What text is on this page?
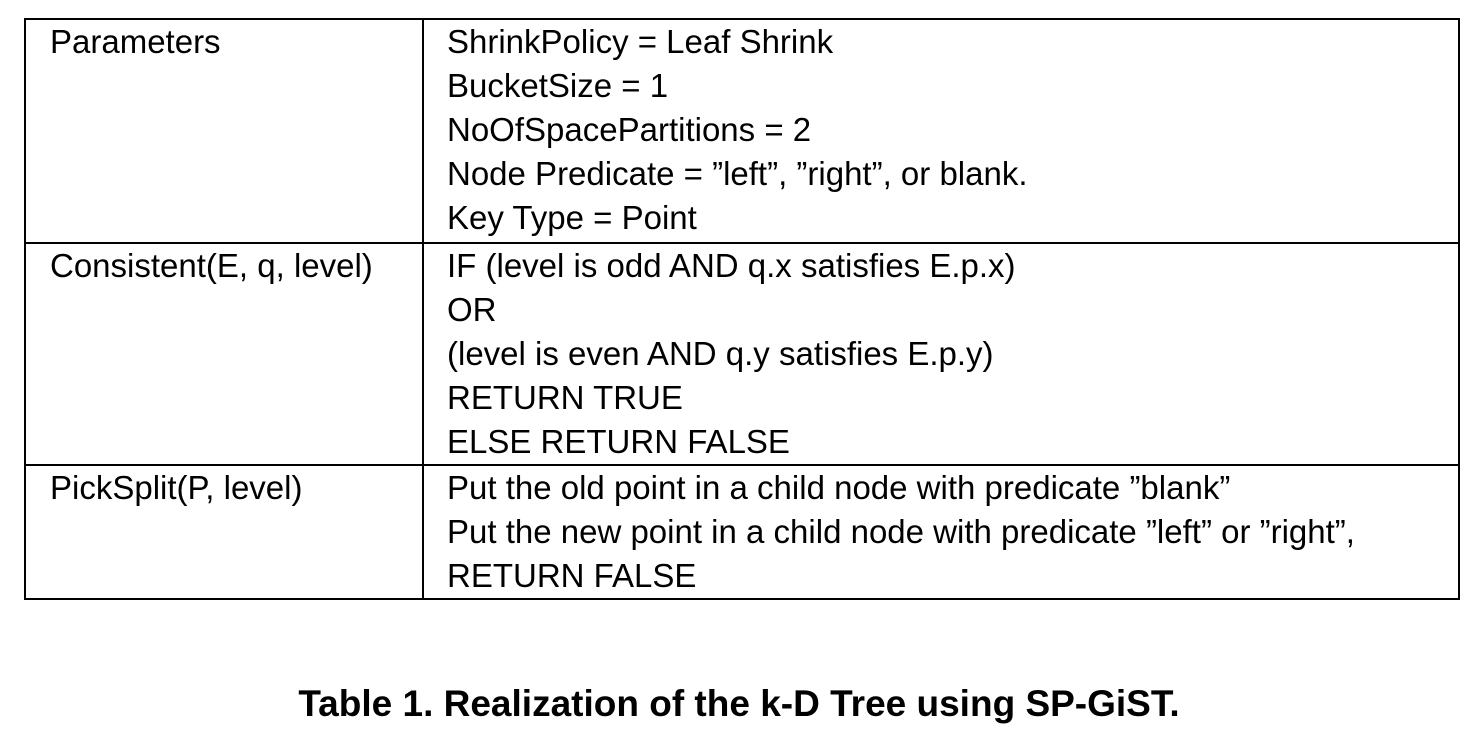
Parameters	ShrinkPolicy = Leaf Shrink
BucketSize = 1
NoOfSpacePartitions = 2
Node Predicate = ”left”, ”right”, or blank.
Key Type = Point

Consistent(E, q, level)	IF (level is odd AND q.x satisfies E.p.x)
OR
(level is even AND q.y satisfies E.p.y)
RETURN TRUE
ELSE RETURN FALSE

PickSplit(P, level)	Put the old point in a child node with predicate ”blank”
Put the new point in a child node with predicate ”left” or ”right”,
RETURN FALSE
Table 1. Realization of the k-D Tree using SP-GiST.
